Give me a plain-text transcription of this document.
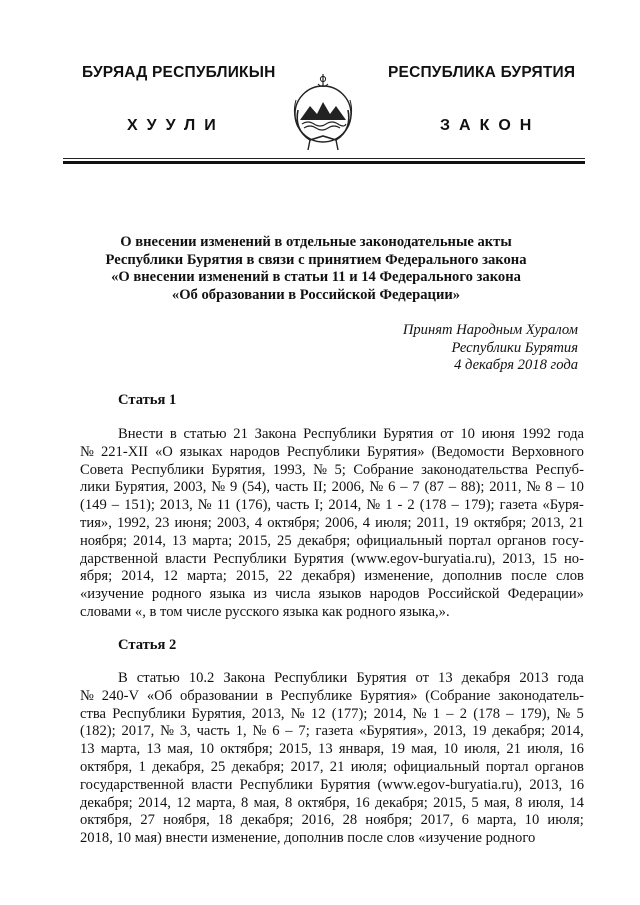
БУРЯАД РЕСПУБЛИКЫН	РЕСПУБЛИКА БУРЯТИЯ
ХУУЛИ	ЗАКОН
О внесении изменений в отдельные законодательные акты
Республики Бурятия в связи с принятием Федерального закона
«О внесении изменений в статьи 11 и 14 Федерального закона
«Об образовании в Российской Федерации»
Принят Народным Хуралом
Республики Бурятия
4 декабря 2018 года
Статья 1
Внести в статью 21 Закона Республики Бурятия от 10 июня 1992 года
№ 221-XII «О языках народов Республики Бурятия» (Ведомости Верховного
Совета Республики Бурятия, 1993, № 5; Собрание законодательства Респуб-
лики Бурятия, 2003, № 9 (54), часть II; 2006, № 6 – 7 (87 – 88); 2011, № 8 – 10
(149 – 151); 2013, № 11 (176), часть I; 2014, № 1 - 2 (178 – 179); газета «Буря-
тия», 1992, 23 июня; 2003, 4 октября; 2006, 4 июля; 2011, 19 октября; 2013, 21
ноября; 2014, 13 марта; 2015, 25 декабря; официальный портал органов госу-
дарственной власти Республики Бурятия (www.egov-buryatia.ru), 2013, 15 но-
ября; 2014, 12 марта; 2015, 22 декабря) изменение, дополнив после слов
«изучение родного языка из числа языков народов Российской Федерации»
словами «, в том числе русского языка как родного языка,».
Статья 2
В статью 10.2 Закона Республики Бурятия от 13 декабря 2013 года
№ 240-V «Об образовании в Республике Бурятия» (Собрание законодатель-
ства Республики Бурятия, 2013, № 12 (177); 2014, № 1 – 2 (178 – 179), № 5
(182); 2017, № 3, часть 1, № 6 – 7; газета «Бурятия», 2013, 19 декабря; 2014,
13 марта, 13 мая, 10 октября; 2015, 13 января, 19 мая, 10 июля, 21 июля, 16
октября, 1 декабря, 25 декабря; 2017, 21 июля; официальный портал органов
государственной власти Республики Бурятия (www.egov-buryatia.ru), 2013, 16
декабря; 2014, 12 марта, 8 мая, 8 октября, 16 декабря; 2015, 5 мая, 8 июля, 14
октября, 27 ноября, 18 декабря; 2016, 28 ноября; 2017, 6 марта, 10 июля;
2018, 10 мая) внести изменение, дополнив после слов «изучение родного
